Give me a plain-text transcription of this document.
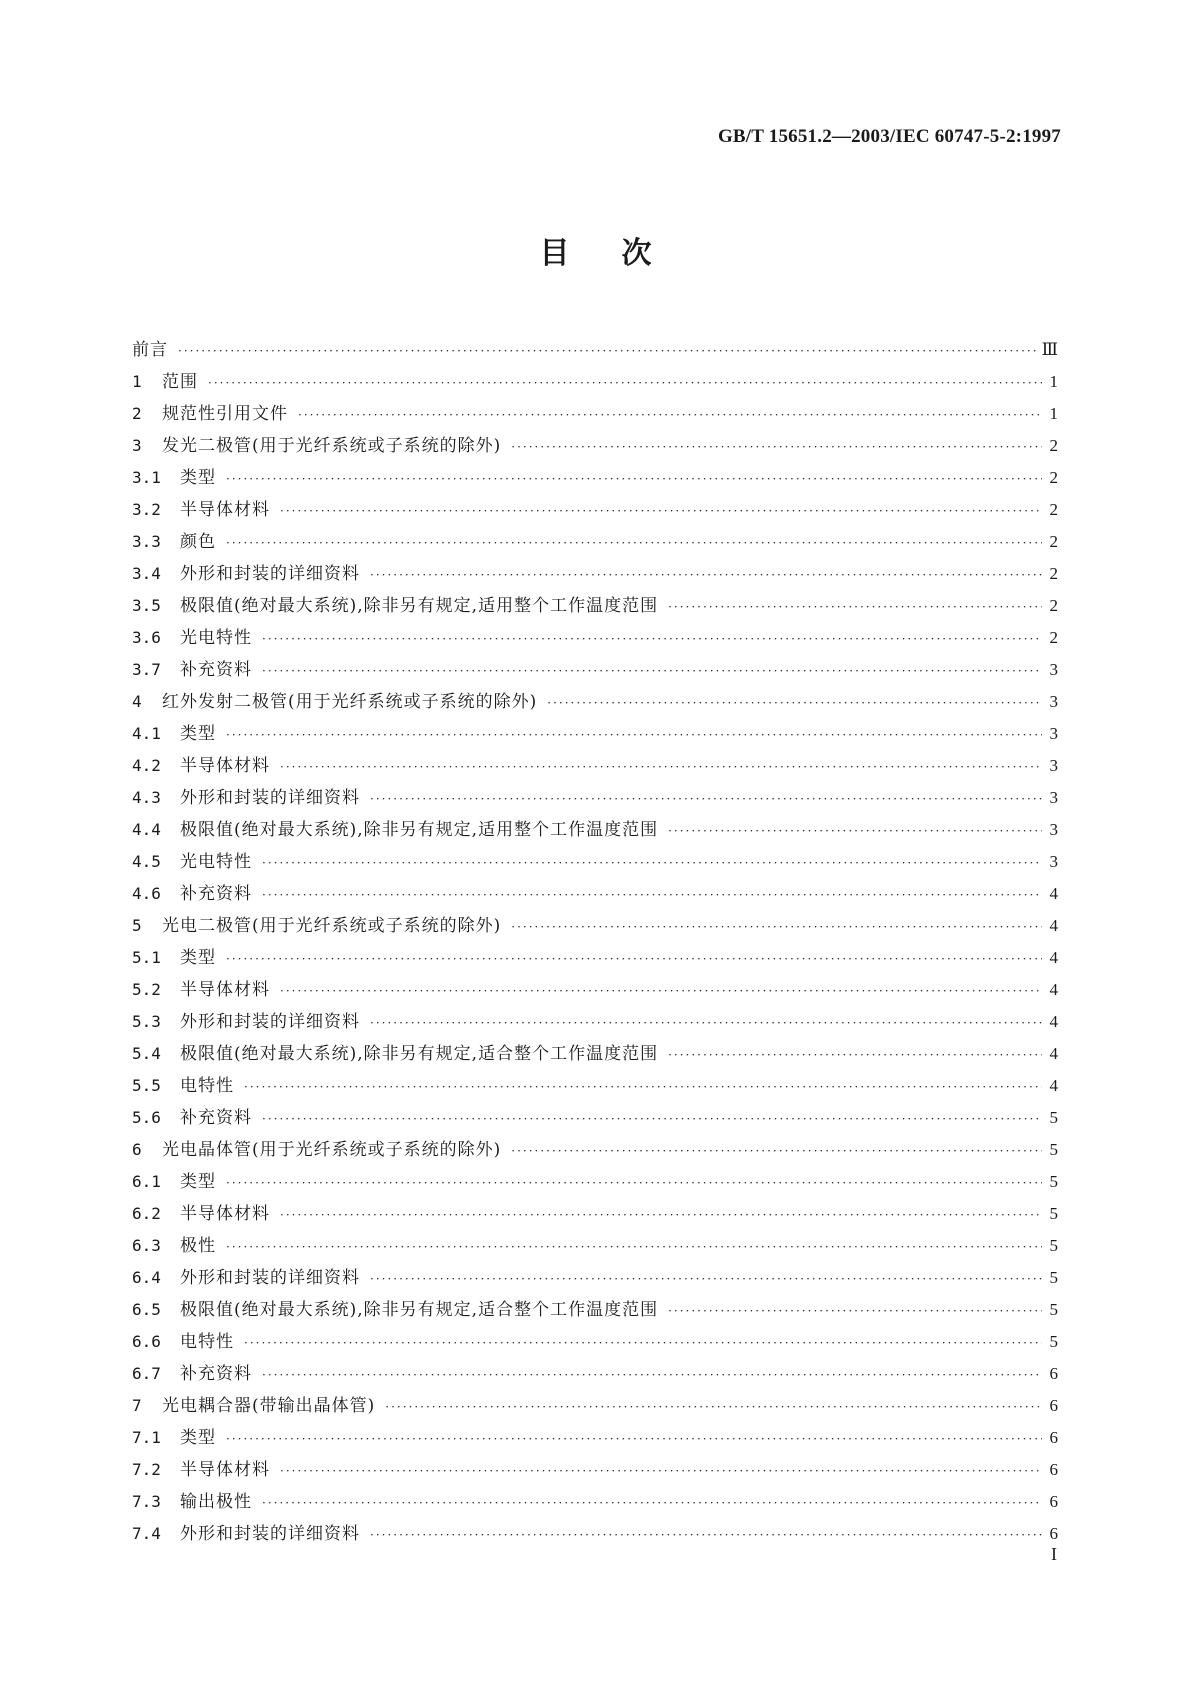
GB/T 15651.2—2003/IEC 60747-5-2:1997
目次
前言 ·····	Ⅲ
1	范围 ·····	1
2	规范性引用文件 ·····	1
3	发光二极管(用于光纤系统或子系统的除外) ·····	2
3.1	类型 ·····	2
3.2	半导体材料 ·····	2
3.3	颜色 ·····	2
3.4	外形和封装的详细资料 ·····	2
3.5	极限值(绝对最大系统),除非另有规定,适用整个工作温度范围 ·····	2
3.6	光电特性 ·····	2
3.7	补充资料 ·····	3
4	红外发射二极管(用于光纤系统或子系统的除外) ·····	3
4.1	类型 ·····	3
4.2	半导体材料 ·····	3
4.3	外形和封装的详细资料 ·····	3
4.4	极限值(绝对最大系统),除非另有规定,适用整个工作温度范围 ·····	3
4.5	光电特性 ·····	3
4.6	补充资料 ·····	4
5	光电二极管(用于光纤系统或子系统的除外) ·····	4
5.1	类型 ·····	4
5.2	半导体材料 ·····	4
5.3	外形和封装的详细资料 ·····	4
5.4	极限值(绝对最大系统),除非另有规定,适合整个工作温度范围 ·····	4
5.5	电特性 ·····	4
5.6	补充资料 ·····	5
6	光电晶体管(用于光纤系统或子系统的除外) ·····	5
6.1	类型 ·····	5
6.2	半导体材料 ·····	5
6.3	极性 ·····	5
6.4	外形和封装的详细资料 ·····	5
6.5	极限值(绝对最大系统),除非另有规定,适合整个工作温度范围 ·····	5
6.6	电特性 ·····	5
6.7	补充资料 ·····	6
7	光电耦合器(带输出晶体管) ·····	6
7.1	类型 ·····	6
7.2	半导体材料 ·····	6
7.3	输出极性 ·····	6
7.4	外形和封装的详细资料 ·····	6
I
